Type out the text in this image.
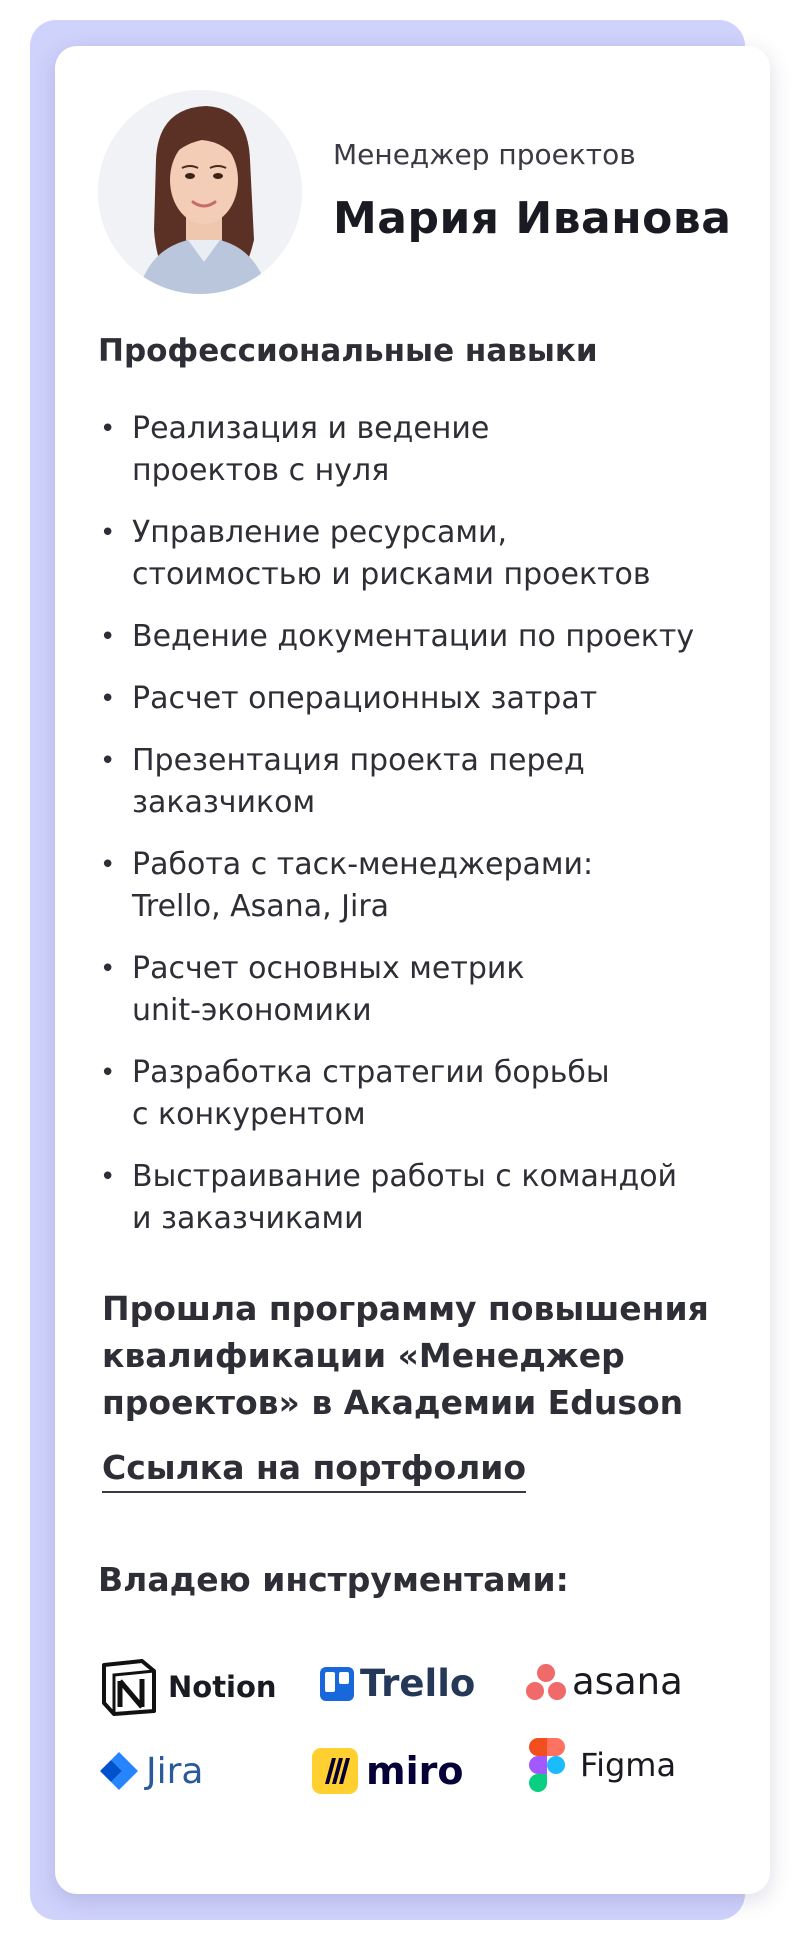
Менеджер проектов
Мария Иванова
Профессиональные навыки
• Реализация и ведение
проектов с нуля
• Управление ресурсами,
стоимостью и рисками проектов
• Ведение документации по проекту
• Расчет операционных затрат
• Презентация проекта перед
заказчиком
• Работа с таск-менеджерами:
Trello, Asana, Jira
• Расчет основных метрик
unit-экономики
• Разработка стратегии борьбы
с конкурентом
• Выстраивание работы с командой
и заказчиками
Прошла программу повышения квалификации «Менеджер проектов» в Академии Eduson
Ссылка на портфолио
Владею инструментами:
Notion Trello	asana
Jira	miro	Figma
